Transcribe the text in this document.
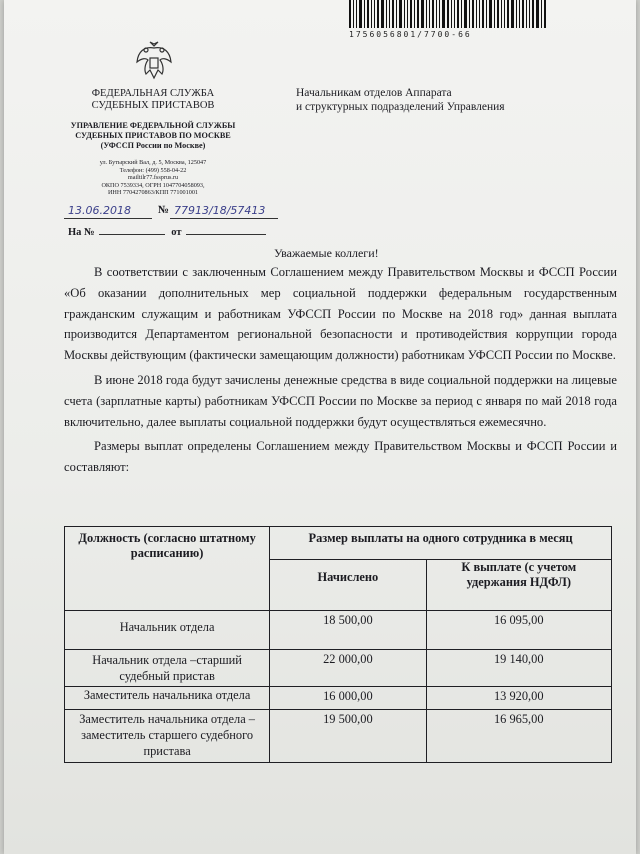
1756056801/7700-66
ФЕДЕРАЛЬНАЯ СЛУЖБА СУДЕБНЫХ ПРИСТАВОВ
УПРАВЛЕНИЕ ФЕДЕРАЛЬНОЙ СЛУЖБЫ СУДЕБНЫХ ПРИСТАВОВ ПО МОСКВЕ
(УФССП России по Москве)
ул. Бутырский Вал, д. 5, Москва, 125047
Телефон: (499) 558-04-22
mailtilr77.fssprus.ru
ОКПО 7539334, ОГРН 1047704058093,
ИНН 7704270863/КПП 771001001
Начальникам отделов Аппарата
и структурных подразделений Управления
13.06.2018 № 77913/18/57413
На №	от
Уважаемые коллеги!

В соответствии с заключенным Соглашением между Правительством Москвы и ФССП России «Об оказании дополнительных мер социальной поддержки федеральным государственным гражданским служащим и работникам УФССП России по Москве на 2018 год» данная выплата производится Департаментом региональной безопасности и противодействия коррупции города Москвы действующим (фактически замещающим должности) работникам УФССП России по Москве.

В июне 2018 года будут зачислены денежные средства в виде социальной поддержки на лицевые счета (зарплатные карты) работникам УФССП России по Москве за период с января по май 2018 года включительно, далее выплаты социальной поддержки будут осуществляться ежемесячно.

Размеры выплат определены Соглашением между Правительством Москвы и ФССП России и составляют:

Должность (согласно штатному расписанию)	Размер выплаты на одного сотрудника в месяц	
	Начислено	К выплате (с учетом удержания НДФЛ)
Начальник отдела	18 500,00	16 095,00
Начальник отдела –старший судебный пристав	22 000,00	19 140,00
Заместитель начальника отдела	16 000,00	13 920,00
Заместитель начальника отдела – заместитель старшего судебного пристава	19 500,00	16 965,00
